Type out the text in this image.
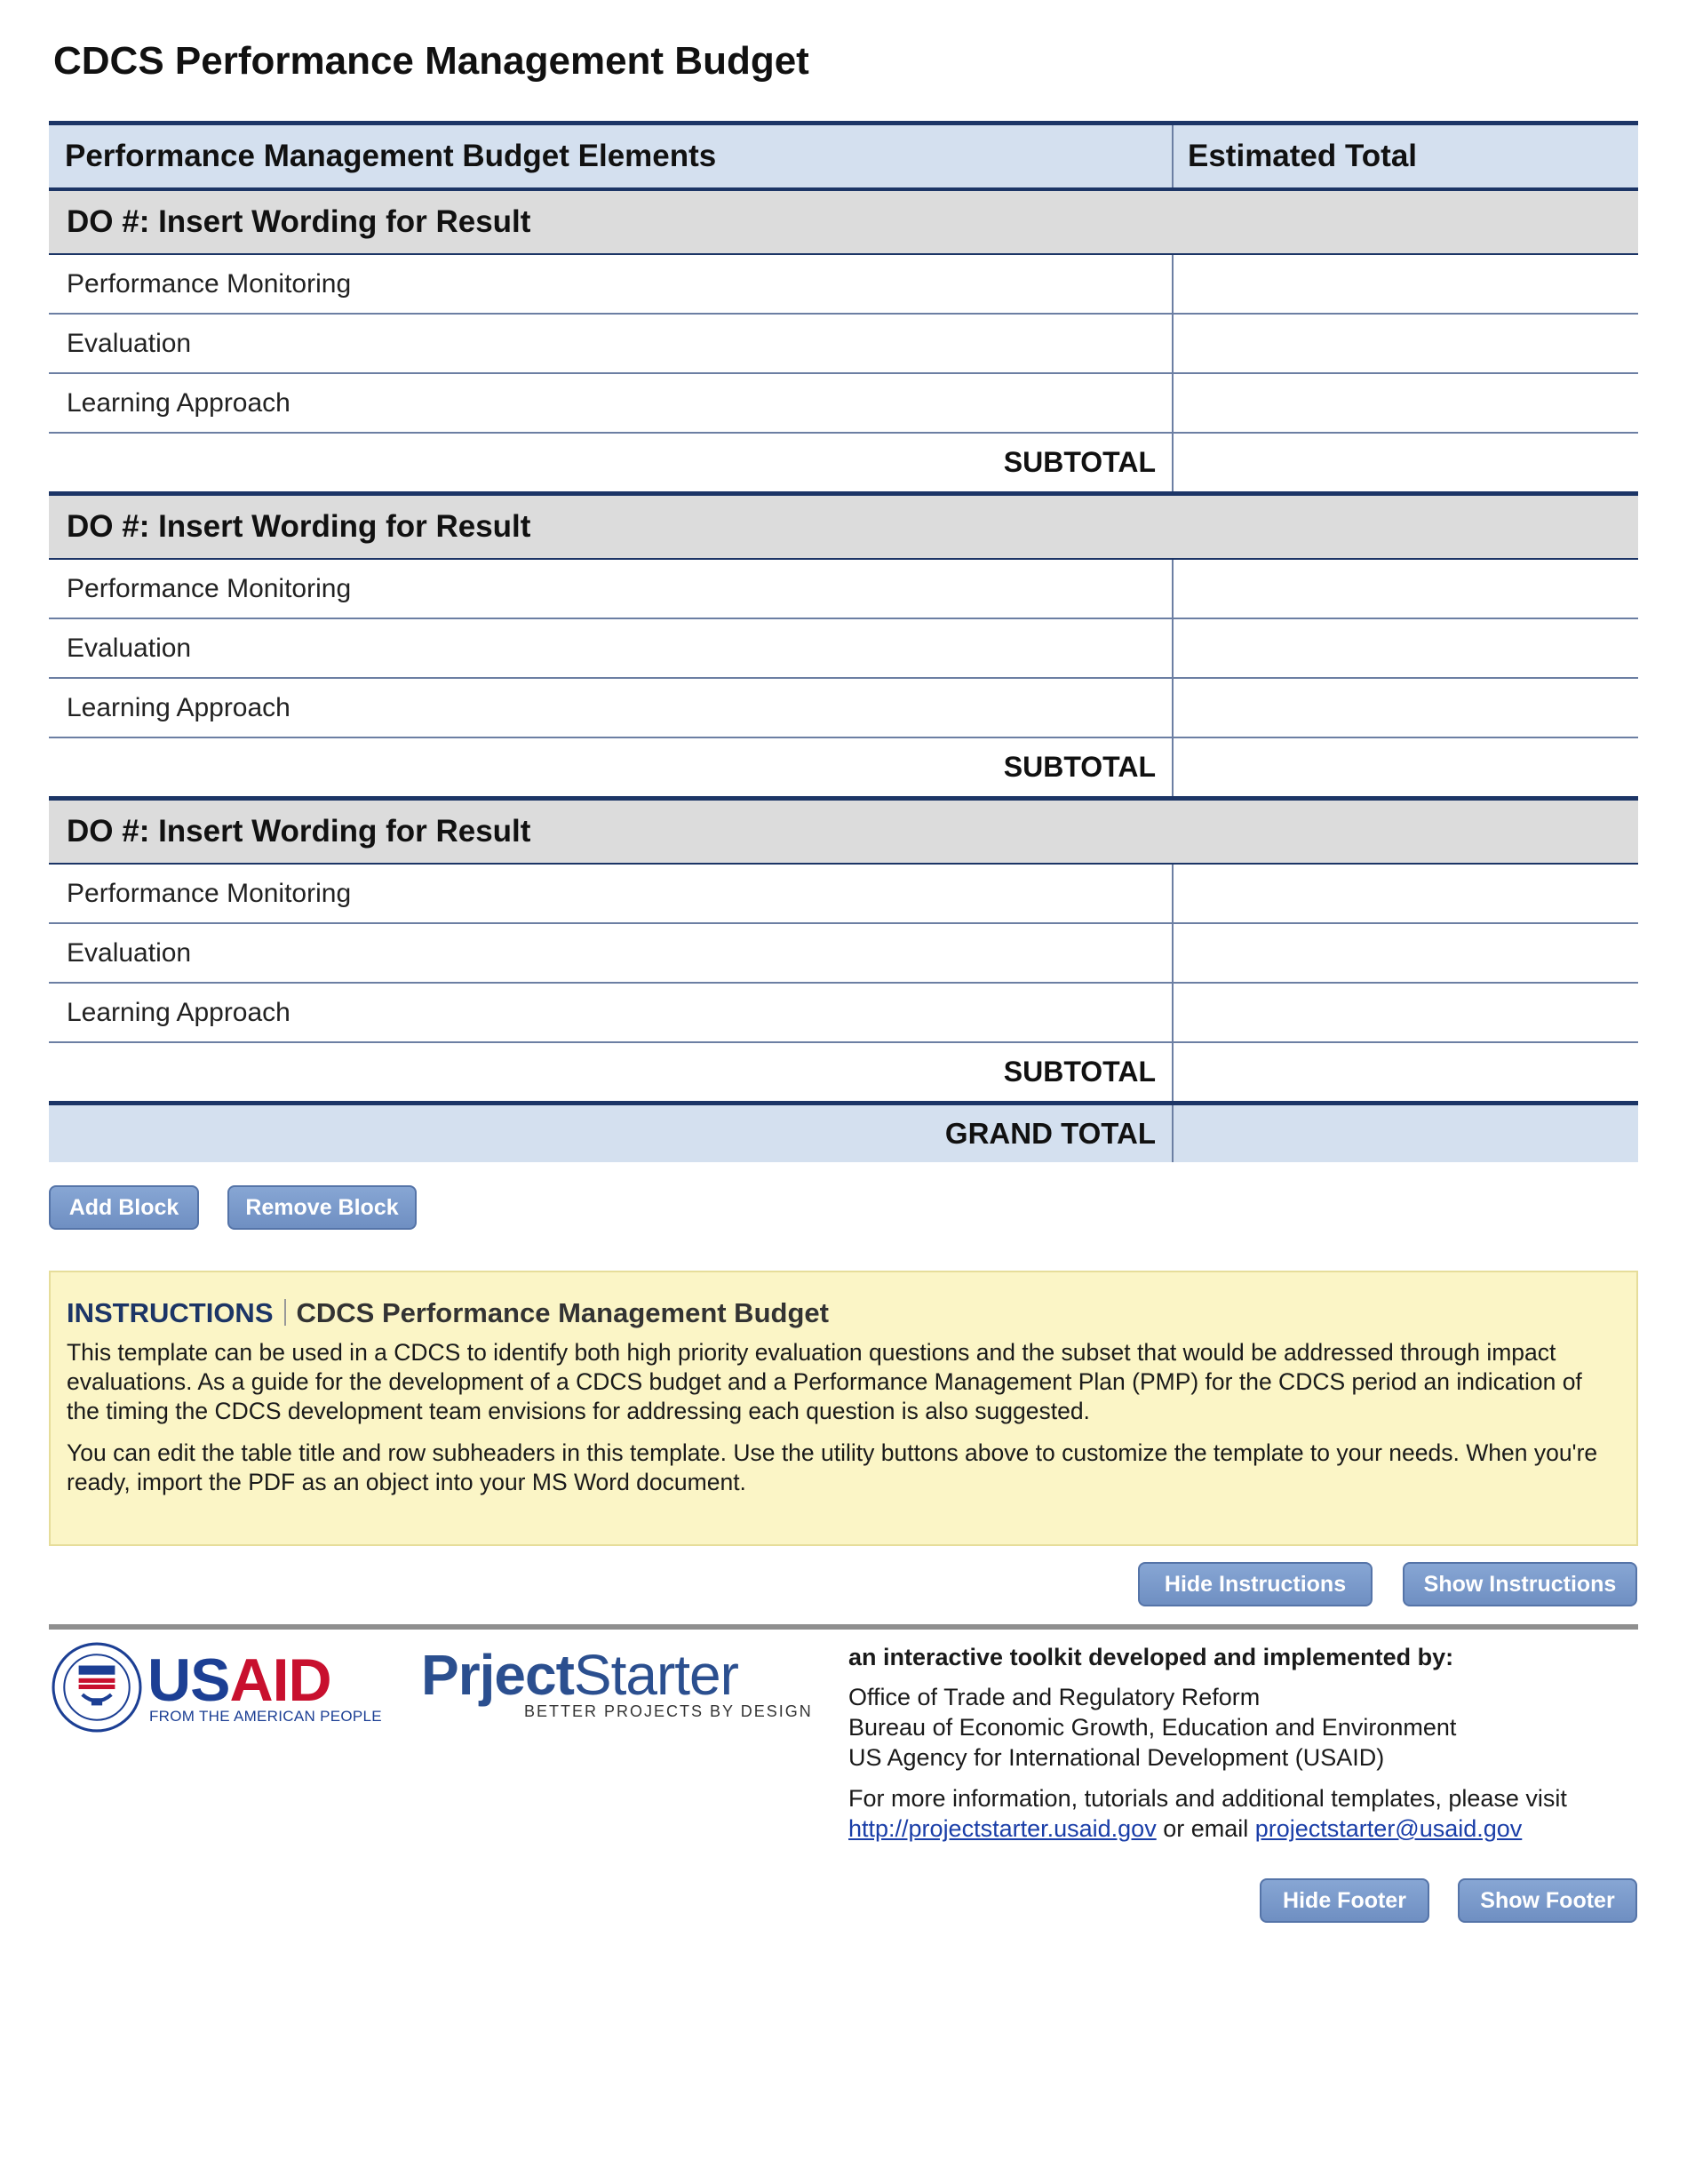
CDCS Performance Management Budget
Performance Management Budget Elements	Estimated Total
DO #: Insert Wording for Result	
Performance Monitoring	
Evaluation	
Learning Approach	
SUBTOTAL	
DO #: Insert Wording for Result	
Performance Monitoring	
Evaluation	
Learning Approach	
SUBTOTAL	
DO #: Insert Wording for Result	
Performance Monitoring	
Evaluation	
Learning Approach	
SUBTOTAL	
GRAND TOTAL	
Add Block	Remove Block
INSTRUCTIONS CDCS Performance Management Budget

This template can be used in a CDCS to identify both high priority evaluation questions and the subset that would be addressed through impact evaluations. As a guide for the development of a CDCS budget and a Performance Management Plan (PMP) for the CDCS period an indication of the timing the CDCS development team envisions for addressing each question is also suggested.

You can edit the table title and row subheaders in this template. Use the utility buttons above to customize the template to your needs. When you're ready, import the PDF as an object into your MS Word document.

Hide Instructions	Show Instructions
USAID
FROM THE AMERICAN PEOPLE
PrjectStarter
BETTER PROJECTS BY DESIGN
an interactive toolkit developed and implemented by:
Office of Trade and Regulatory Reform
Bureau of Economic Growth, Education and Environment
US Agency for International Development (USAID)
For more information, tutorials and additional templates, please visit http://projectstarter.usaid.gov or email projectstarter@usaid.gov
Hide Footer	Show Footer
